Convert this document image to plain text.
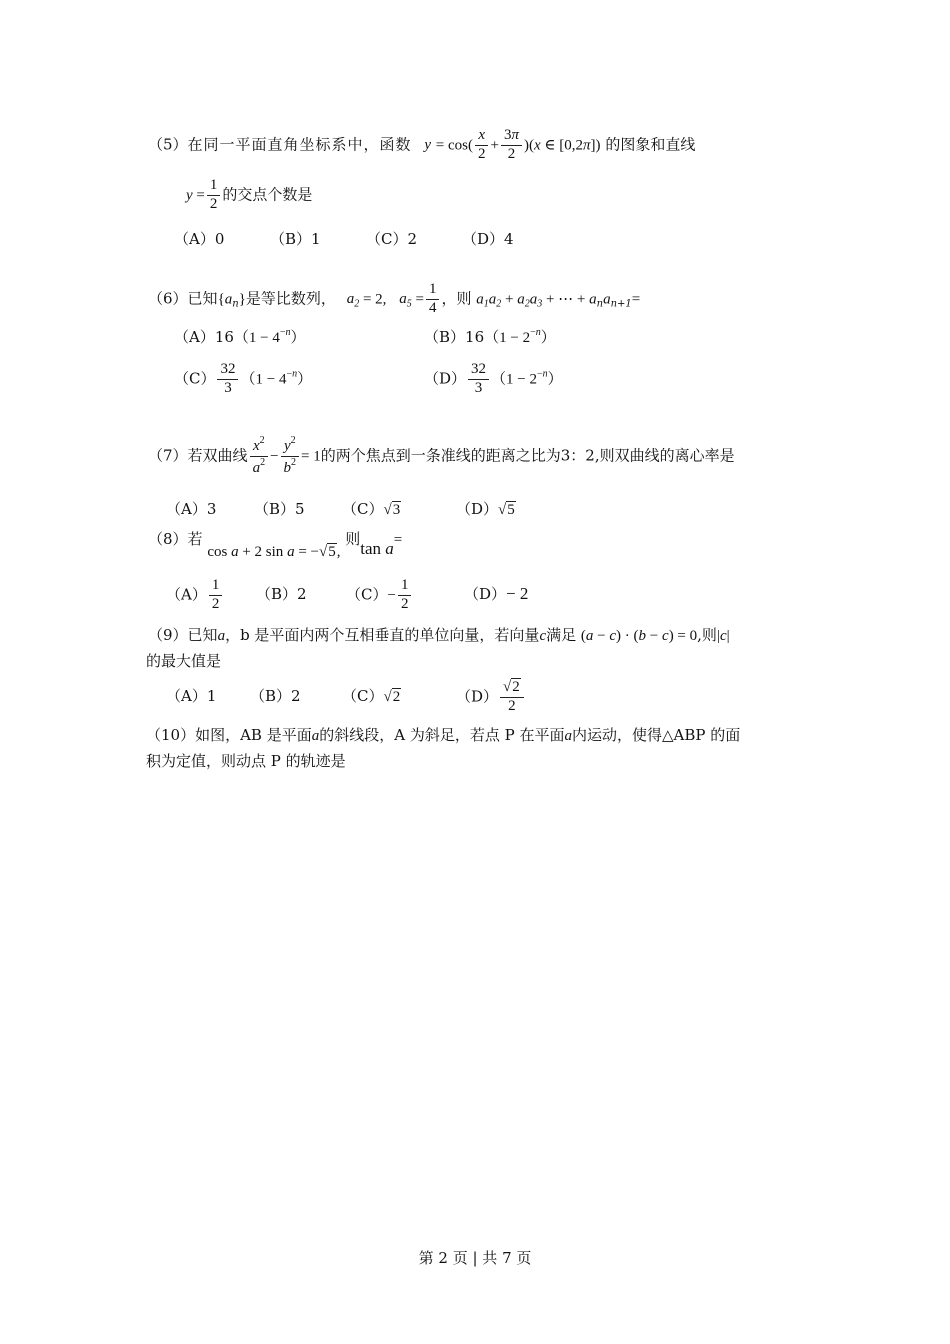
（5）在同一平面直角坐标系中，函数 $y = \cos( \frac{x}{2} + \frac{3\pi}{2} )(x$ ∈ [0,2π]) 的图象和直线
$y = \frac{1}{2}$ 的交点个数是
（A）0	（B）1	（C）2	（D）4
（6）已知$\{a_n\}$是等比数列， $a_2 = 2$, $a_5 = \frac{1}{4}$ ，则 $a_1a_2 + a_2a_3$ + ⋯ + $a_na_{n+1}=$
$(A)16(1 - 4^{-n})$	$(B)16(1 - 2^{-n})$
$(C) \frac{32}{3} (1 - 4^{-n})$	$(D) \frac{32}{3} (1 - 2^{-n})$
（7）若双曲线 $\frac{x^2}{a^2} - \frac{y^2}{b^2} = 1$的两个焦点到一条准线的距离之比为3：2,则双曲线的离心率是
（A）3	（B）5 （C）√3	（D）√5
（8）若 cos a + 2 sin a = −√5, 则tan a=
$(A) \frac{1}{2} (B)2$	$(C)- \frac{1}{2}$	（D）− 2
（9）已知a，b 是平面内两个互相垂直的单位向量，若向量c满足 (a − c) · (b − c) = 0,则|c|
的最大值是
（A）1 （B）2	（C）√2	$(D) \frac{√2}{2}$
（10）如图，AB 是平面a的斜线段，A 为斜足，若点 P 在平面a内运动，使得△ABP 的面
积为定值，则动点 P 的轨迹是
第 2 页 | 共 7 页
